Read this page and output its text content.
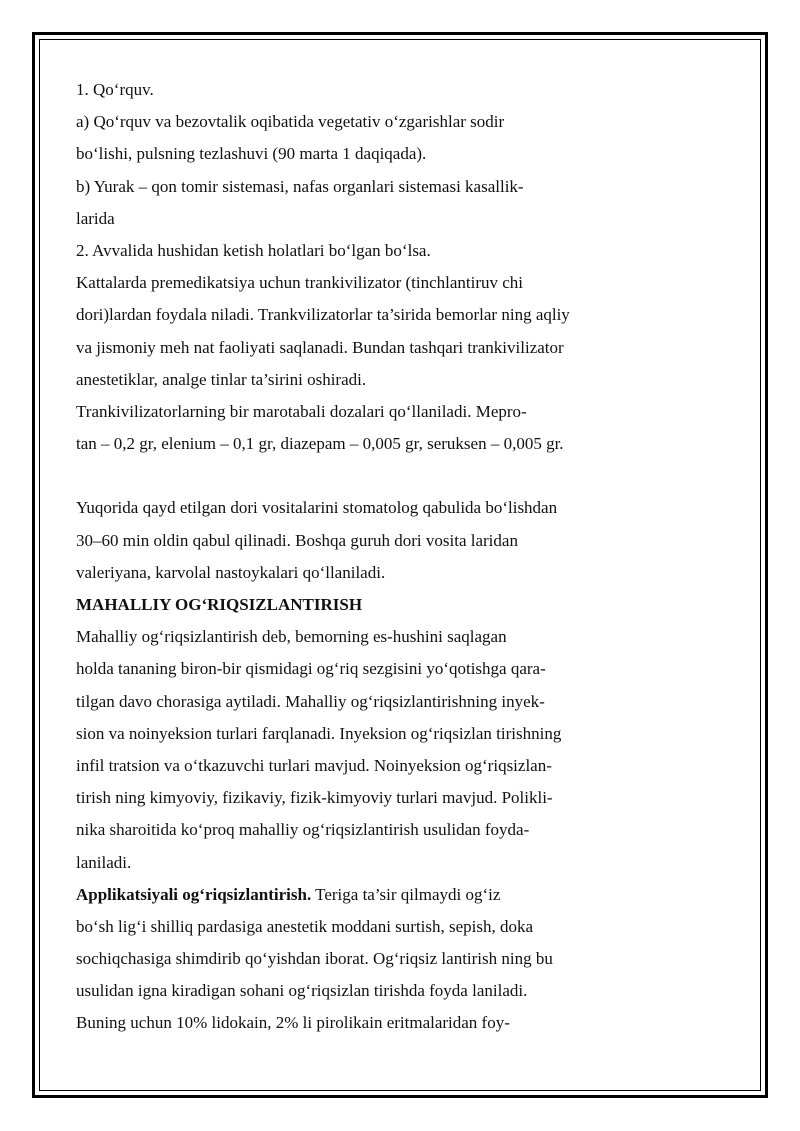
1. Qo‘rquv.
a) Qo‘rquv va bezovtalik oqibatida vegetativ o‘zgarishlar sodir
bo‘lishi, pulsning tezlashuvi (90 marta 1 daqiqada).
b) Yurak – qon tomir sistemasi, nafas organlari sistemasi kasallik-
larida
2. Avvalida hushidan ketish holatlari bo‘lgan bo‘lsa.
Kattalarda premedikatsiya uchun trankivilizator (tinchlantiruv chi
dori)lardan foydala niladi. Trankvilizatorlar ta’sirida bemorlar ning aqliy
va jismoniy meh nat faoliyati saqlanadi. Bundan tashqari trankivilizator
anestetiklar, analge tinlar ta’sirini oshiradi.
Trankivilizatorlarning bir marotabali dozalari qo‘llaniladi. Mepro-
tan – 0,2 gr, elenium – 0,1 gr, diazepam – 0,005 gr, seruksen – 0,005 gr.
Yuqorida qayd etilgan dori vositalarini stomatolog qabulida bo‘lishdan
30–60 min oldin qabul qilinadi. Boshqa guruh dori vosita laridan
valeriyana, karvolal nastoykalari qo‘llaniladi.
MAHALLIY OG‘RIQSIZLANTIRISH
Mahalliy og‘riqsizlantirish deb, bemorning es-hushini saqlagan
holda tananing biron-bir qismidagi og‘riq sezgisini yo‘qotishga qara-
tilgan davo chorasiga aytiladi. Mahalliy og‘riqsizlantirishning inyek-
sion va noinyeksion turlari farqlanadi. Inyeksion og‘riqsizlan tirishning
infil tratsion va o‘tkazuvchi turlari mavjud. Noinyeksion og‘riqsizlan-
tirish ning kimyoviy, fizikaviy, fizik-kimyoviy turlari mavjud. Polikli-
nika sharoitida ko‘proq mahalliy og‘riqsizlantirish usulidan foyda-
laniladi.
Applikatsiyali og‘riqsizlantirish. Teriga ta’sir qilmaydi og‘iz
bo‘sh lig‘i shilliq pardasiga anestetik moddani surtish, sepish, doka
sochiqchasiga shimdirib qo‘yishdan iborat. Og‘riqsiz lantirish ning bu
usulidan igna kiradigan sohani og‘riqsizlan tirishda foyda laniladi.
Buning uchun 10% lidokain, 2% li pirolikain eritmalaridan foy-
